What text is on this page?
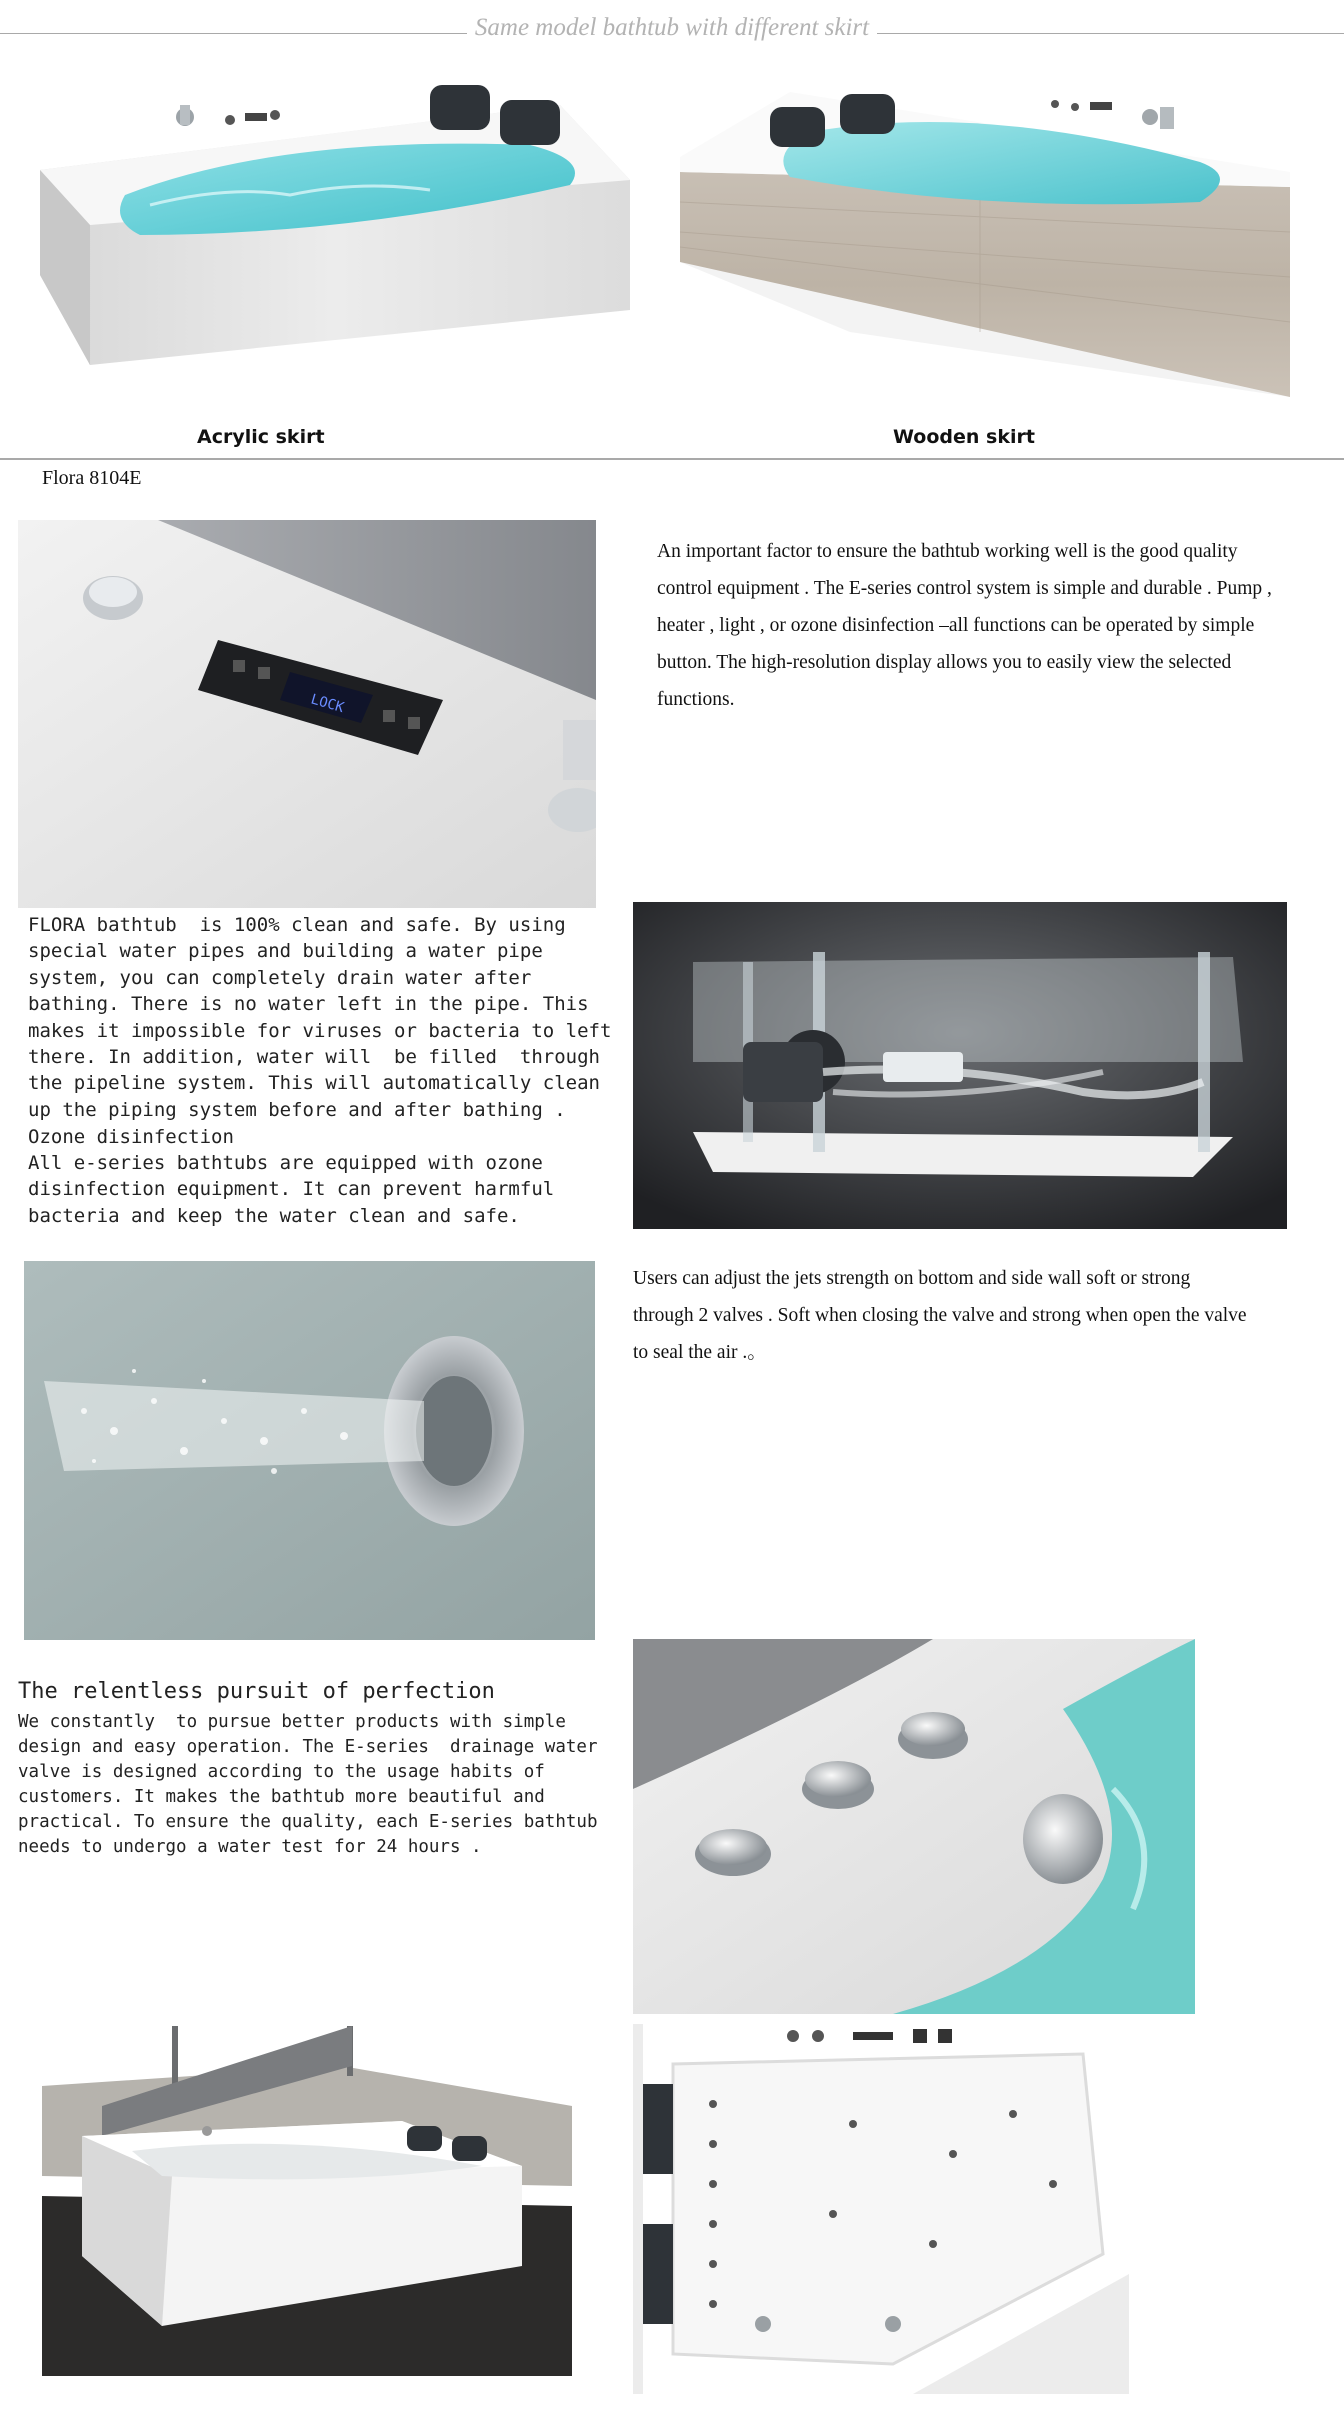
Same model bathtub with different skirt
Acrylic skirt	Wooden skirt
Flora 8104E
LOCK
An important factor to ensure the bathtub working well is the good quality control equipment . The E-series control system is simple and durable . Pump , heater , light , or ozone disinfection –all functions can be operated by simple button. The high-resolution display allows you to easily view the selected functions.
FLORA bathtub  is 100% clean and safe. By using special water pipes and building a water pipe system, you can completely drain water after bathing. There is no water left in the pipe. This makes it impossible for viruses or bacteria to left there. In addition, water will  be filled  through the pipeline system. This will automatically clean up the piping system before and after bathing .
Ozone disinfection
All e-series bathtubs are equipped with ozone disinfection equipment. It can prevent harmful bacteria and keep the water clean and safe.
Users can adjust the jets strength on bottom and side wall soft or strong through 2 valves . Soft when closing the valve and strong when open the valve to seal the air .。
The relentless pursuit of perfection
We constantly  to pursue better products with simple design and easy operation. The E-series  drainage water valve is designed according to the usage habits of customers. It makes the bathtub more beautiful and practical. To ensure the quality, each E-series bathtub  needs to undergo a water test for 24 hours .
